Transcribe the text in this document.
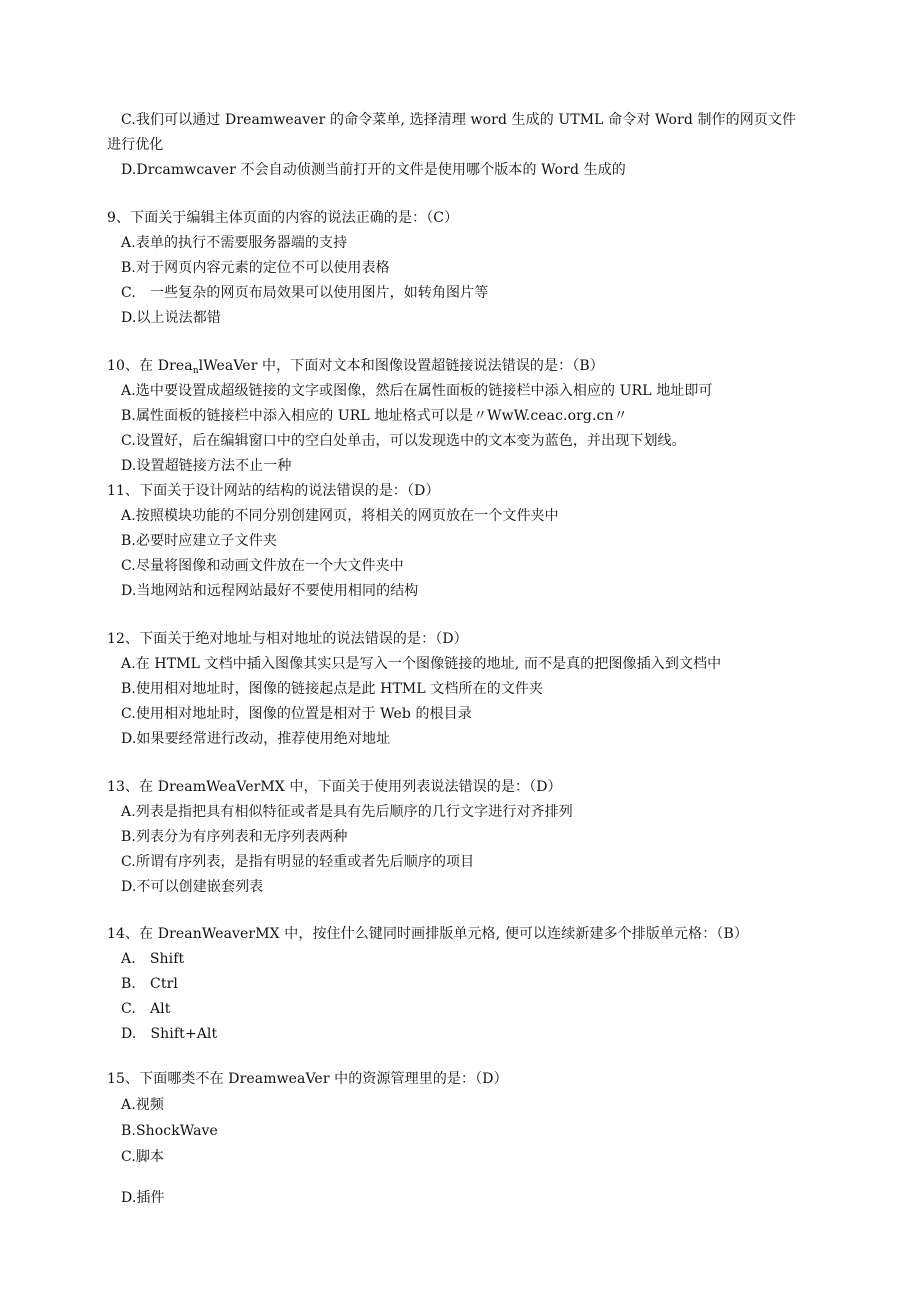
C.我们可以通过 Dreamweaver 的命令菜单, 选择清理 word 生成的 UTML 命令对 Word 制作的网页文件
进行优化
D.Drcamwcaver 不会自动侦测当前打开的文件是使用哪个版本的 Word 生成的
9、下面关于编辑主体页面的内容的说法正确的是：（C）
A.表单的执行不需要服务器端的支持
B.对于网页内容元素的定位不可以使用表格
C.　一些复杂的网页布局效果可以使用图片，如转角图片等
D.以上说法都错
10、在 Drea$_n$lWeaVer 中，下面对文本和图像设置超链接说法错误的是：（B）
A.选中要设置成超级链接的文字或图像，然后在属性面板的链接栏中添入相应的 URL 地址即可
B.属性面板的链接栏中添入相应的 URL 地址格式可以是〃WwW.ceac.org.cn〃
C.设置好，后在编辑窗口中的空白处单击，可以发现选中的文本变为蓝色，并出现下划线。
D.设置超链接方法不止一种
11、下面关于设计网站的结构的说法错误的是：（D）
A.按照模块功能的不同分别创建网页，将相关的网页放在一个文件夹中
B.必要时应建立子文件夹
C.尽量将图像和动画文件放在一个大文件夹中
D.当地网站和远程网站最好不要使用相同的结构
12、下面关于绝对地址与相对地址的说法错误的是：（D）
A.在 HTML 文档中插入图像其实只是写入一个图像链接的地址, 而不是真的把图像插入到文档中
B.使用相对地址时，图像的链接起点是此 HTML 文档所在的文件夹
C.使用相对地址时，图像的位置是相对于 Web 的根目录
D.如果要经常进行改动，推荐使用绝对地址
13、在 DreamWeaVerMX 中，下面关于使用列表说法错误的是：（D）
A.列表是指把具有相似特征或者是具有先后顺序的几行文字进行对齐排列
B.列表分为有序列表和无序列表两种
C.所谓有序列表，是指有明显的轻重或者先后顺序的项目
D.不可以创建嵌套列表
14、在 DreanWeaverMX 中，按住什么键同时画排版单元格, 便可以连续新建多个排版单元格：（B）
A.　Shift
B.　Ctrl
C.　Alt
D.　Shift+Alt
15、下面哪类不在 DreamweaVer 中的资源管理里的是：（D）
A.视频
B.ShockWave
C.脚本
D.插件
